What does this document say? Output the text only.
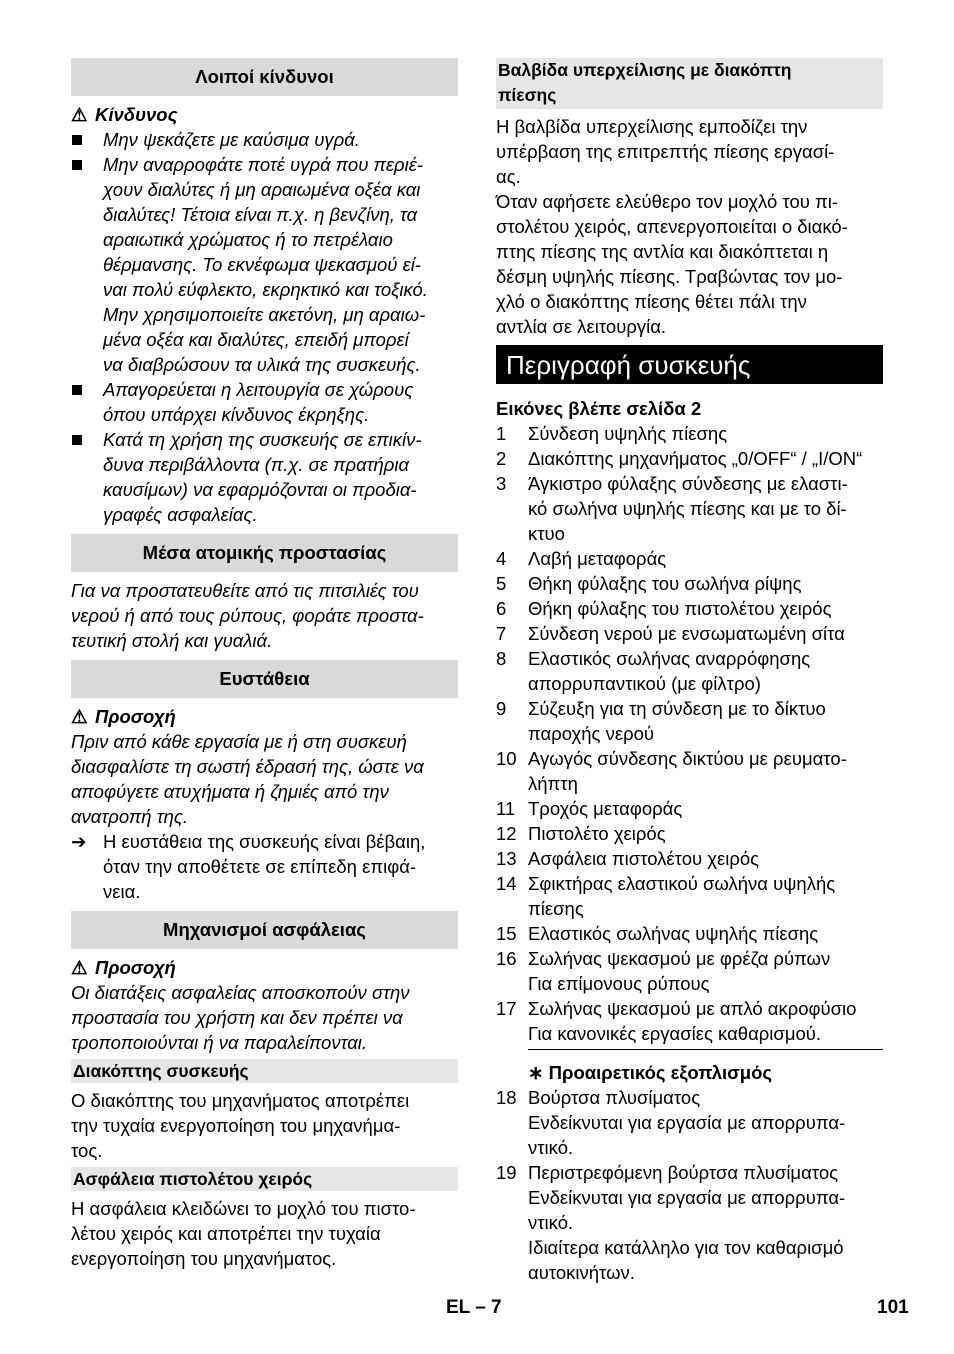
Λοιποί κίνδυνοι
⚠ Κίνδυνος
Μην ψεκάζετε με καύσιμα υγρά.
Μην αναρροφάτε ποτέ υγρά που περιέ-
χουν διαλύτες ή μη αραιωμένα οξέα και
διαλύτες! Τέτοια είναι π.χ. η βενζίνη, τα
αραιωτικά χρώματος ή το πετρέλαιο
θέρμανσης. Το εκνέφωμα ψεκασμού εί-
ναι πολύ εύφλεκτο, εκρηκτικό και τοξικό.
Μην χρησιμοποιείτε ακετόνη, μη αραιω-
μένα οξέα και διαλύτες, επειδή μπορεί
να διαβρώσουν τα υλικά της συσκευής.
Απαγορεύεται η λειτουργία σε χώρους
όπου υπάρχει κίνδυνος έκρηξης.
Κατά τη χρήση της συσκευής σε επικίν-
δυνα περιβάλλοντα (π.χ. σε πρατήρια
καυσίμων) να εφαρμόζονται οι προδια-
γραφές ασφαλείας.
Μέσα ατομικής προστασίας
Για να προστατευθείτε από τις πιτσιλιές του
νερού ή από τους ρύπους, φοράτε προστα-
τευτική στολή και γυαλιά.
Ευστάθεια
⚠ Προσοχή
Πριν από κάθε εργασία με ή στη συσκευή
διασφαλίστε τη σωστή έδρασή της, ώστε να
αποφύγετε ατυχήματα ή ζημιές από την
ανατροπή της.
➔ Η ευστάθεια της συσκευής είναι βέβαιη,
όταν την αποθέτετε σε επίπεδη επιφά-
νεια.
Μηχανισμοί ασφάλειας
⚠ Προσοχή
Οι διατάξεις ασφαλείας αποσκοπούν στην
προστασία του χρήστη και δεν πρέπει να
τροποποιούνται ή να παραλείπονται.
Διακόπτης συσκευής
Ο διακόπτης του μηχανήματος αποτρέπει
την τυχαία ενεργοποίηση του μηχανήμα-
τος.
Ασφάλεια πιστολέτου χειρός
Η ασφάλεια κλειδώνει το μοχλό του πιστο-
λέτου χειρός και αποτρέπει την τυχαία
ενεργοποίηση του μηχανήματος.
Βαλβίδα υπερχείλισης με διακόπτη
πίεσης
Η βαλβίδα υπερχείλισης εμποδίζει την
υπέρβαση της επιτρεπτής πίεσης εργασί-
ας.
Όταν αφήσετε ελεύθερο τον μοχλό του πι-
στολέτου χειρός, απενεργοποιείται ο διακό-
πτης πίεσης της αντλία και διακόπτεται η
δέσμη υψηλής πίεσης. Τραβώντας τον μο-
χλό ο διακόπτης πίεσης θέτει πάλι την
αντλία σε λειτουργία.
Περιγραφή συσκευής
Εικόνες βλέπε σελίδα 2
1 Σύνδεση υψηλής πίεσης
2 Διακόπτης μηχανήματος „0/OFF“ / „I/ON“
3 Άγκιστρο φύλαξης σύνδεσης με ελαστι-
κό σωλήνα υψηλής πίεσης και με το δί-
κτυο
4 Λαβή μεταφοράς
5 Θήκη φύλαξης του σωλήνα ρίψης
6 Θήκη φύλαξης του πιστολέτου χειρός
7 Σύνδεση νερού με ενσωματωμένη σίτα
8 Ελαστικός σωλήνας αναρρόφησης
απορρυπαντικού (με φίλτρο)
9 Σύζευξη για τη σύνδεση με το δίκτυο
παροχής νερού
10 Αγωγός σύνδεσης δικτύου με ρευματο-
λήπτη
11 Τροχός μεταφοράς
12 Πιστολέτο χειρός
13 Ασφάλεια πιστολέτου χειρός
14 Σφικτήρας ελαστικού σωλήνα υψηλής
πίεσης
15 Ελαστικός σωλήνας υψηλής πίεσης
16 Σωλήνας ψεκασμού με φρέζα ρύπων
Για επίμονους ρύπους
17 Σωλήνας ψεκασμού με απλό ακροφύσιο
Για κανονικές εργασίες καθαρισμού.
∗ Προαιρετικός εξοπλισμός
18 Βούρτσα πλυσίματος
Ενδείκνυται για εργασία με απορρυπα-
ντικό.
19 Περιστρεφόμενη βούρτσα πλυσίματος
Ενδείκνυται για εργασία με απορρυπα-
ντικό.
Ιδιαίτερα κατάλληλο για τον καθαρισμό
αυτοκινήτων.
EL – 7	101
